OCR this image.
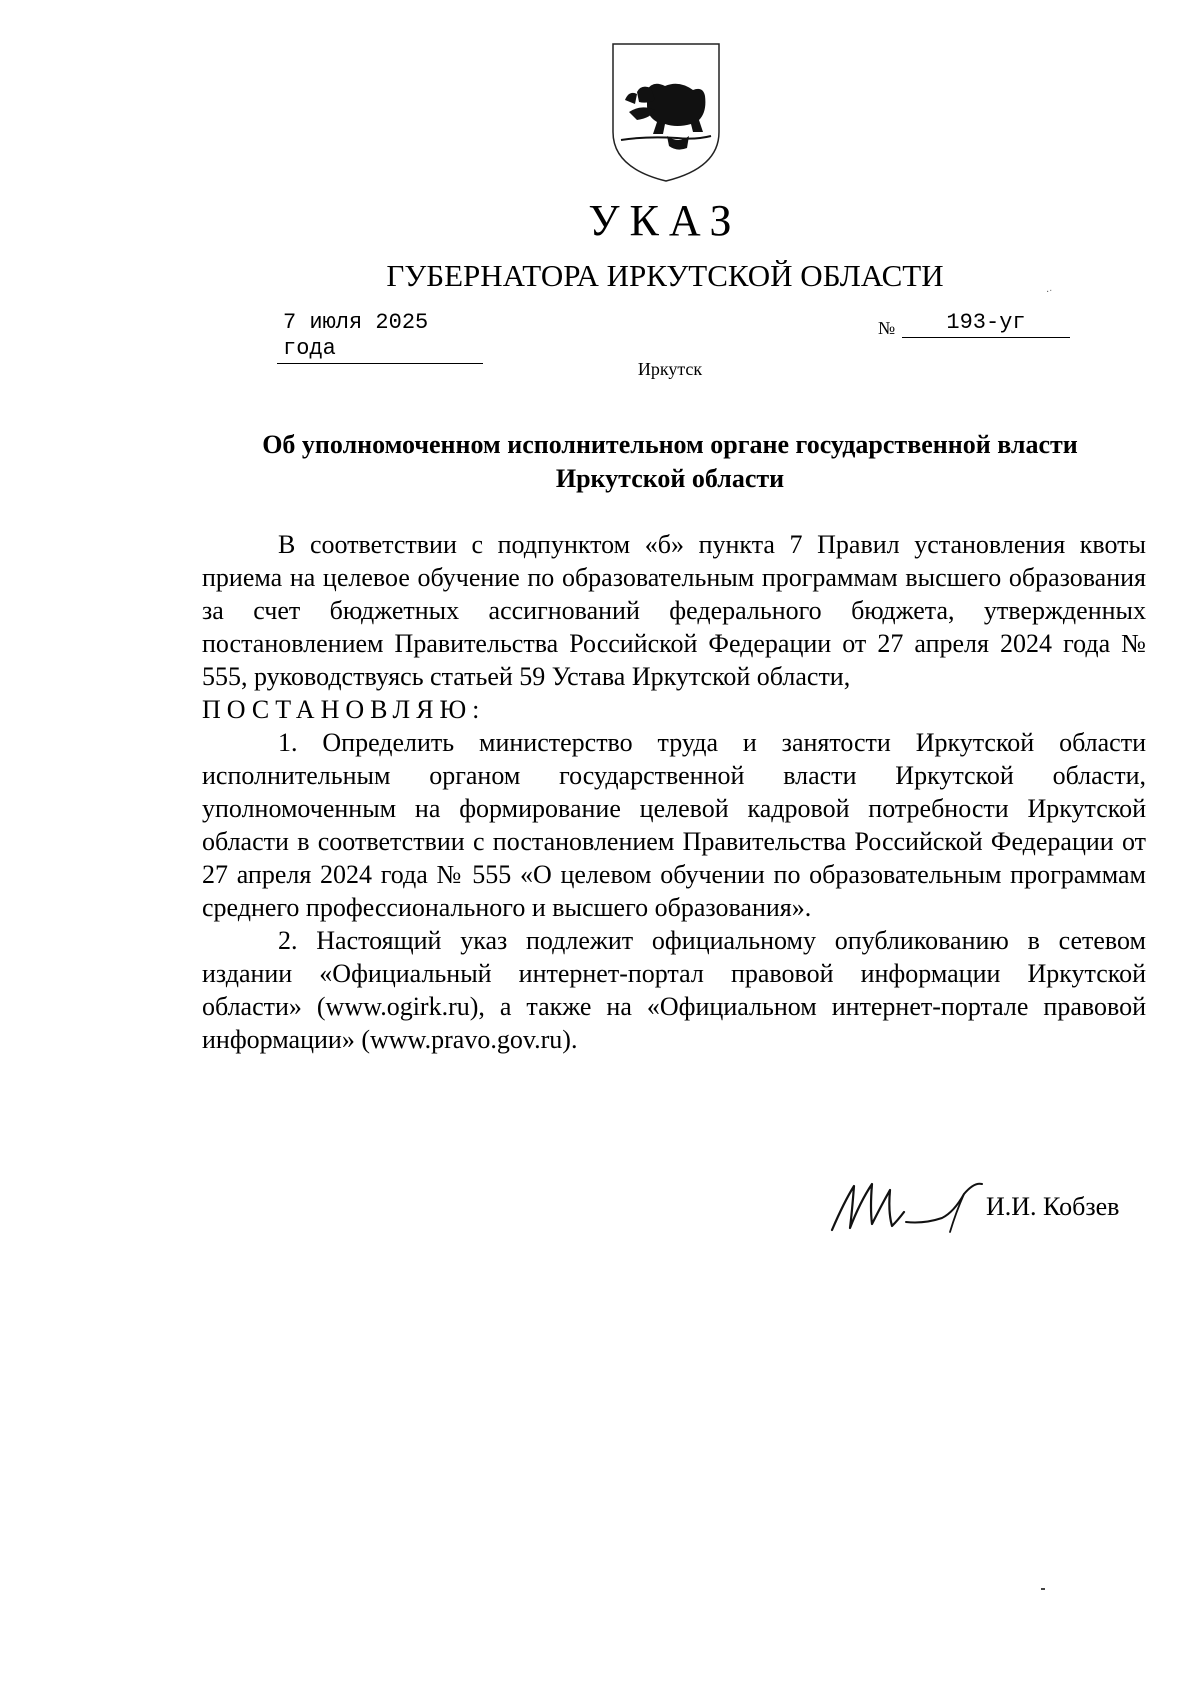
УКАЗ
ГУБЕРНАТОРА ИРКУТСКОЙ ОБЛАСТИ	·ˑ
7 июля 2025 года
№	193-уг
Иркутск
Об уполномоченном исполнительном органе государственной власти Иркутской области

В соответствии с подпунктом «б» пункта 7 Правил установления квоты приема на целевое обучение по образовательным программам высшего образования за счет бюджетных ассигнований федерального бюджета, утвержденных постановлением Правительства Российской Федерации от 27 апреля 2024 года № 555, руководствуясь статьей 59 Устава Иркутской области,

ПОСТАНОВЛЯЮ:

1. Определить министерство труда и занятости Иркутской области исполнительным органом государственной власти Иркутской области, уполномоченным на формирование целевой кадровой потребности Иркутской области в соответствии с постановлением Правительства Российской Федерации от 27 апреля 2024 года № 555 «О целевом обучении по образовательным программам среднего профессионального и высшего образования».

2. Настоящий указ подлежит официальному опубликованию в сетевом издании «Официальный интернет-портал правовой информации Иркутской области» (www.ogirk.ru), а также на «Официальном интернет-портале правовой информации» (www.pravo.gov.ru).

И.И. Кобзев
